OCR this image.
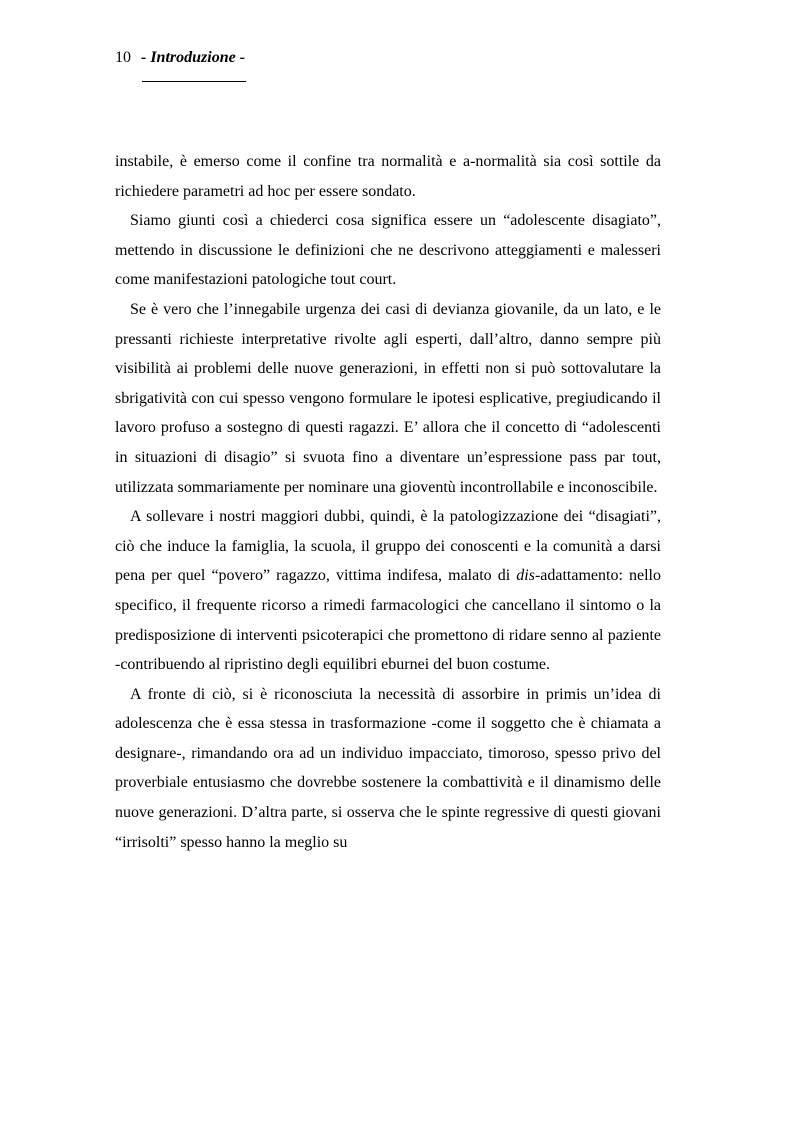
10 - Introduzione -

instabile, è emerso come il confine tra normalità e a-normalità sia così sottile da richiedere parametri ad hoc per essere sondato.

Siamo giunti così a chiederci cosa significa essere un “adolescente disagiato”, mettendo in discussione le definizioni che ne descrivono atteggiamenti e malesseri come manifestazioni patologiche tout court.

Se è vero che l’innegabile urgenza dei casi di devianza giovanile, da un lato, e le pressanti richieste interpretative rivolte agli esperti, dall’altro, danno sempre più visibilità ai problemi delle nuove generazioni, in effetti non si può sottovalutare la sbrigatività con cui spesso vengono formulare le ipotesi esplicative, pregiudicando il lavoro profuso a sostegno di questi ragazzi. E’ allora che il concetto di “adolescenti in situazioni di disagio” si svuota fino a diventare un’espressione pass par tout, utilizzata sommariamente per nominare una gioventù incontrollabile e inconoscibile.

A sollevare i nostri maggiori dubbi, quindi, è la patologizzazione dei “disagiati”, ciò che induce la famiglia, la scuola, il gruppo dei conoscenti e la comunità a darsi pena per quel “povero” ragazzo, vittima indifesa, malato di dis-adattamento: nello specifico, il frequente ricorso a rimedi farmacologici che cancellano il sintomo o la predisposizione di interventi psicoterapici che promettono di ridare senno al paziente -contribuendo al ripristino degli equilibri eburnei del buon costume.

A fronte di ciò, si è riconosciuta la necessità di assorbire in primis un’idea di adolescenza che è essa stessa in trasformazione -come il soggetto che è chiamata a designare-, rimandando ora ad un individuo impacciato, timoroso, spesso privo del proverbiale entusiasmo che dovrebbe sostenere la combattività e il dinamismo delle nuove generazioni. D’altra parte, si osserva che le spinte regressive di questi giovani “irrisolti” spesso hanno la meglio su
